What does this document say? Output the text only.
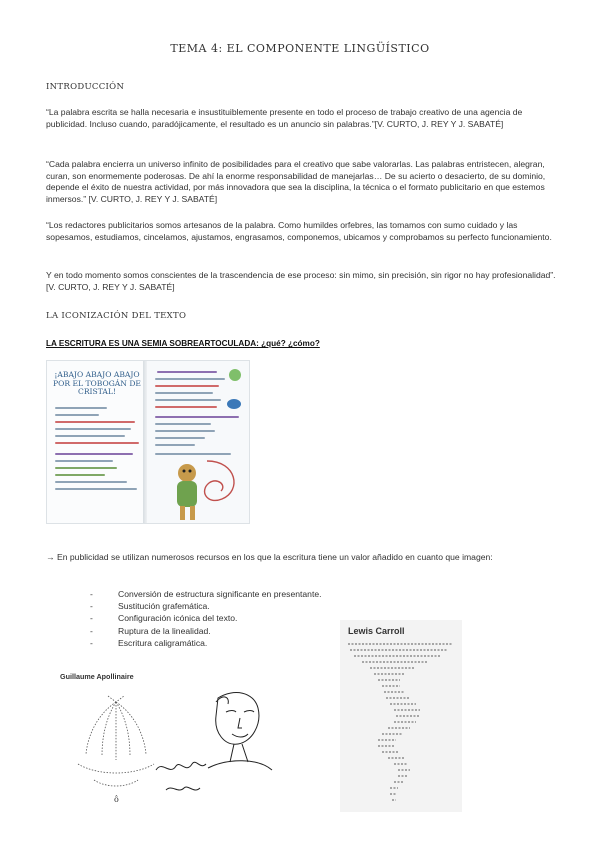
TEMA 4: EL COMPONENTE LINGÜÍSTICO
INTRODUCCIÓN

“La palabra escrita se halla necesaria e insustituiblemente presente en todo el proceso de trabajo creativo de una agencia de publicidad. Incluso cuando, paradójicamente, el resultado es un anuncio sin palabras.”[V. CURTO, J. REY Y J. SABATÉ]

“Cada palabra encierra un universo infinito de posibilidades para el creativo que sabe valorarlas. Las palabras entristecen, alegran, curan, son enormemente poderosas. De ahí la enorme responsabilidad de manejarlas… De su acierto o desacierto, de su dominio, depende el éxito de nuestra actividad, por más innovadora que sea la disciplina, la técnica o el formato publicitario en que estemos inmersos.” [V. CURTO, J. REY Y J. SABATÉ]

“Los redactores publicitarios somos artesanos de la palabra. Como humildes orfebres, las tomamos con sumo cuidado y las sopesamos, estudiamos, cincelamos, ajustamos, engrasamos, componemos, ubicamos y comprobamos su perfecto funcionamiento.

Y en todo momento somos conscientes de la trascendencia de ese proceso: sin mimo, sin precisión, sin rigor no hay profesionalidad”.[V. CURTO, J. REY Y J. SABATÉ]

LA ICONIZACIÓN DEL TEXTO
LA ESCRITURA ES UNA SEMIA SOBREARTOCULADA: ¿qué? ¿cómo?
¡ABAJO ABAJO ABAJO POR EL TOBOGÁN DE CRISTAL!

→ En publicidad se utilizan numerosos recursos en los que la escritura tiene un valor añadido en cuanto que imagen:

- Conversión de estructura significante en presentante.
- Sustitución grafemática.
- Configuración icónica del texto.
- Ruptura de la linealidad.
- Escritura caligramática.
Guillaume Apollinaire
ô
Lewis Carroll
